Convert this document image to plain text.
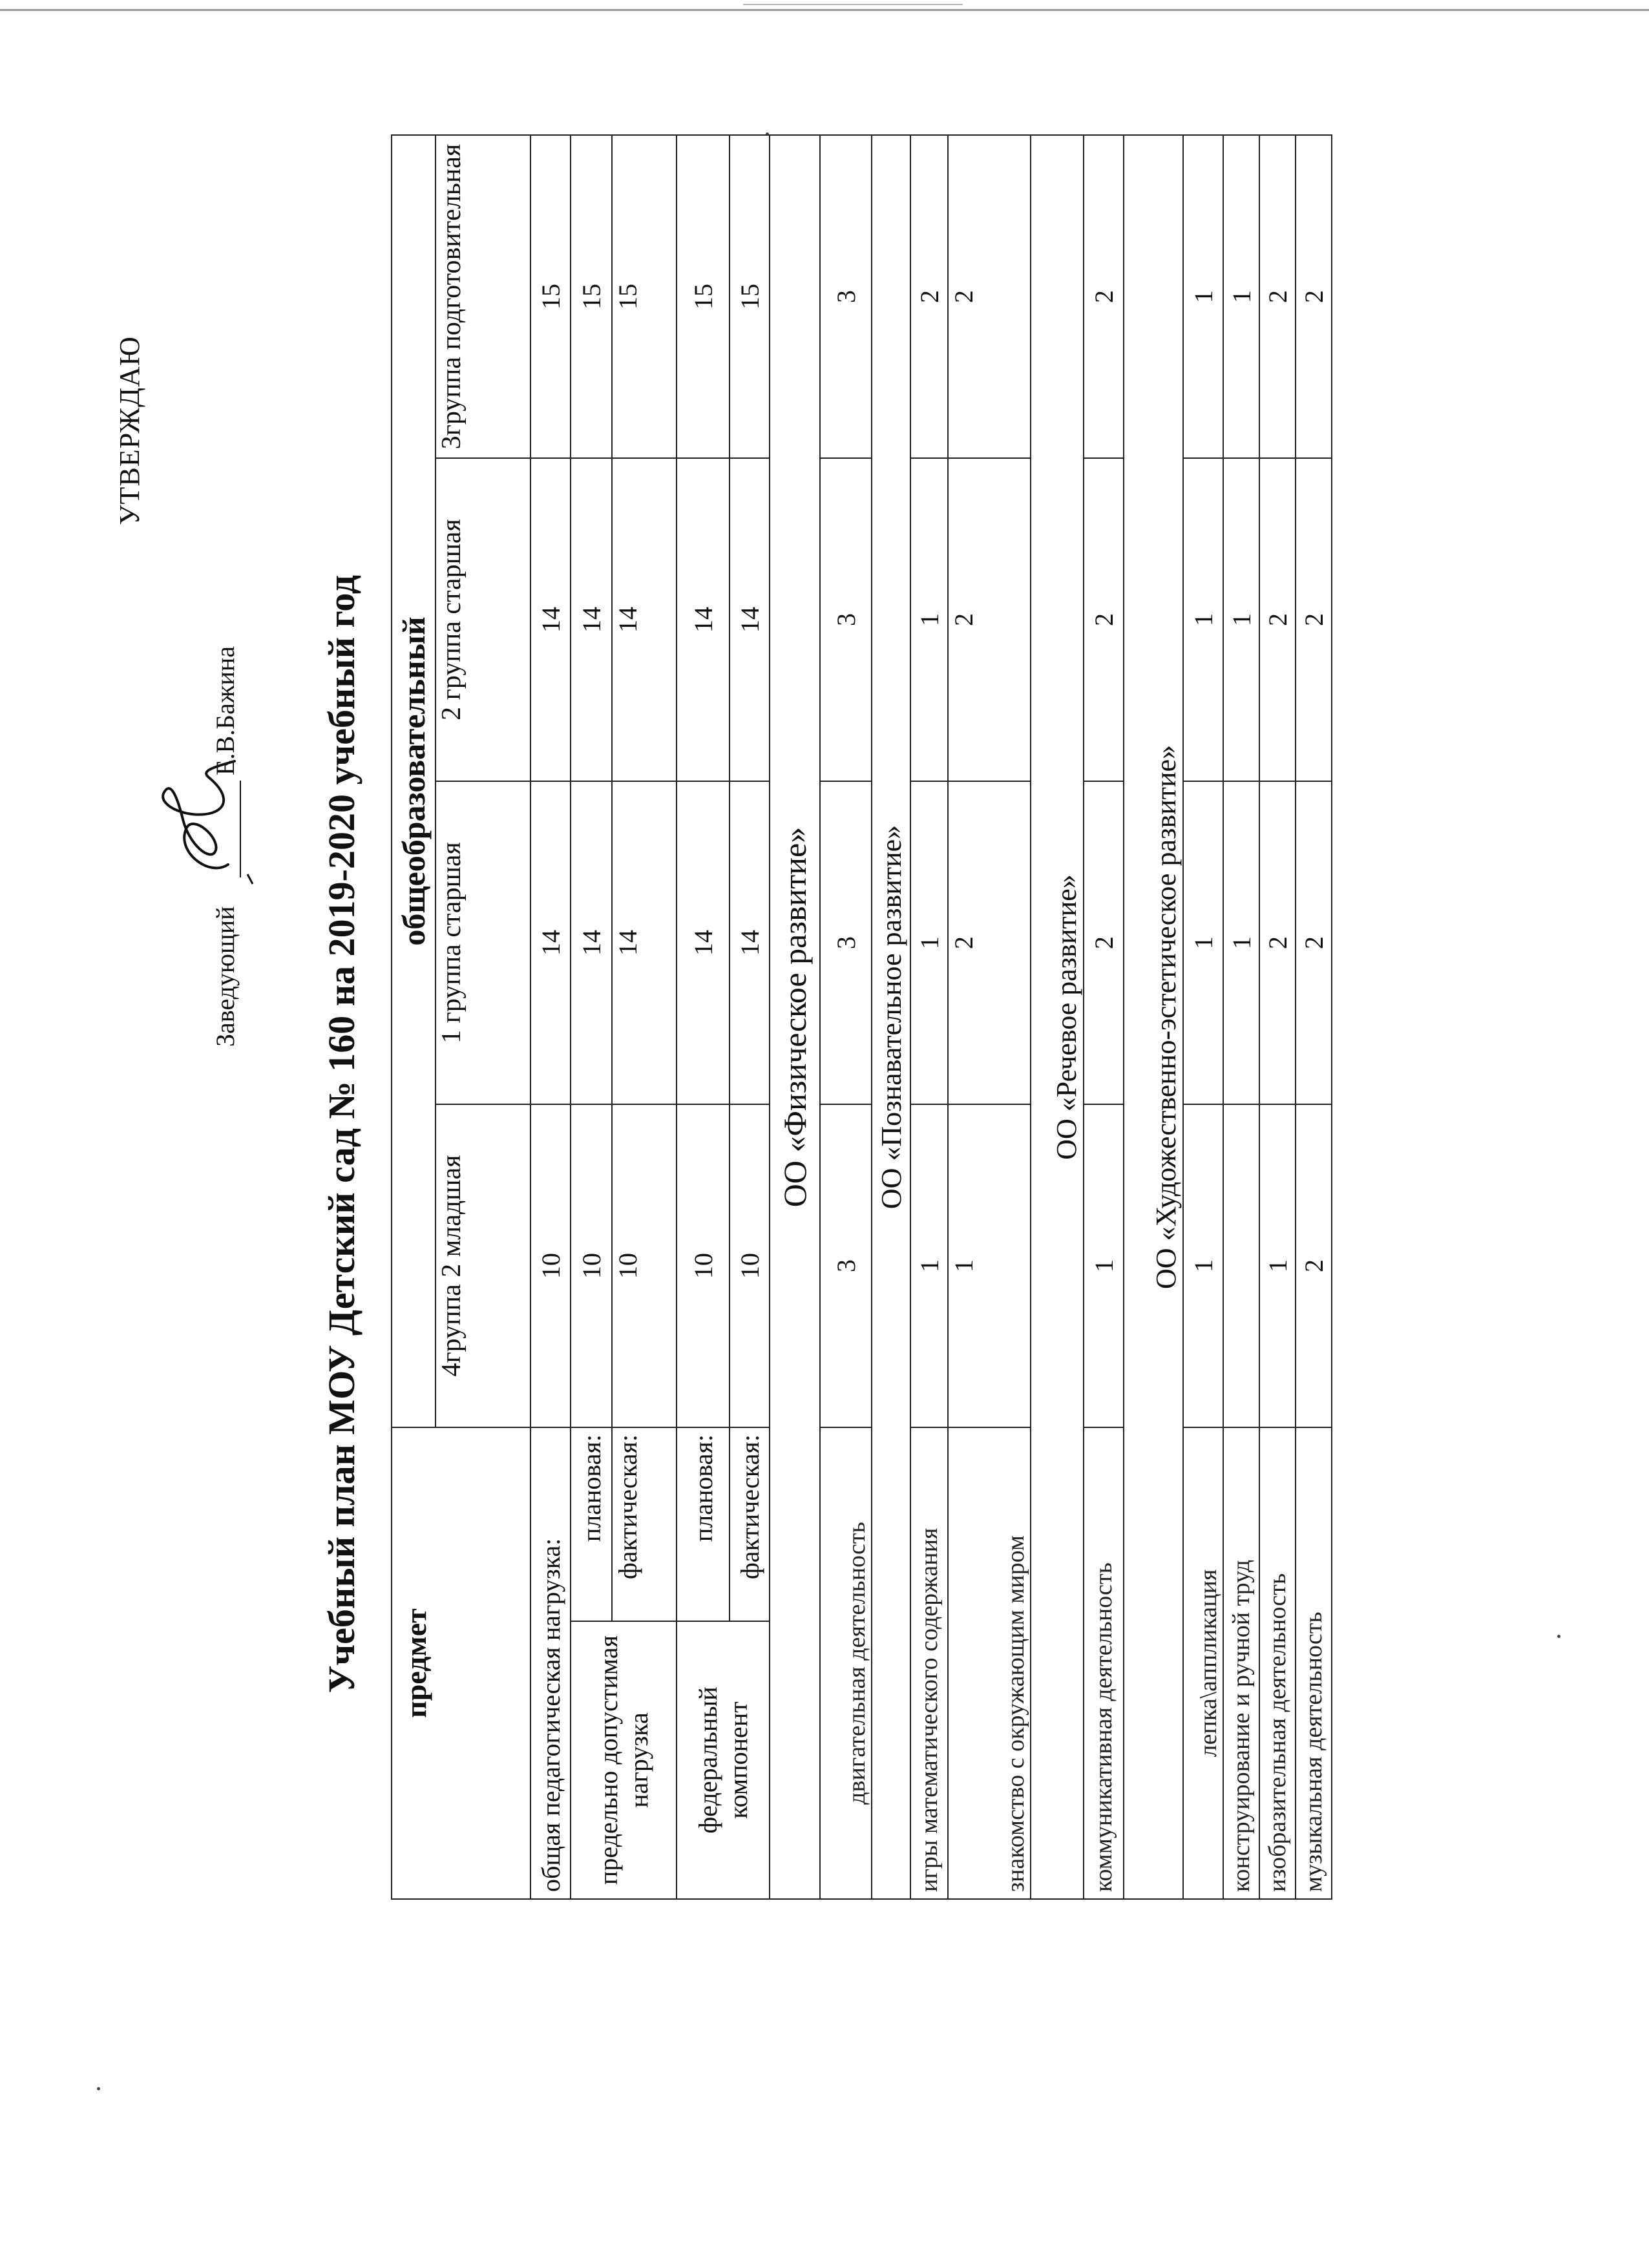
УТВЕРЖДАЮ
Заведующий
Е.В.Бажина Учебный план МОУ Детский сад № 160 на 2019-2020 учебный год предмет		общеобразовательный			
		4группа 2 младшая	1 группа старшая	2 группа старшая	3группа подготовительная
общая педагогическая нагрузка:		10	14	14	15
предельно допустимая нагрузка	плановая:	10	14	14	15
	фактическая:	10	14	14	15
федеральный компонент	плановая:	10	14	14	15
	фактическая:	10	14	14	15
ОО «Физическое развитие»					
двигательная деятельность		3	3	3	3
ОО «Познавательное развитие»					
игры математического содержания		1	1	1	2
знакомство с окружающим миром		1	2	2	2
ОО «Речевое развитие»					
коммуникативная деятельность		1	2	2	2
ОО «Художественно-эстетическое развитие»					
лепка\аппликация		1	1	1	1
конструирование и ручной труд			1	1	1
изобразительная деятельность		1	2	2	2
музыкальная деятельность		2	2	2	2
